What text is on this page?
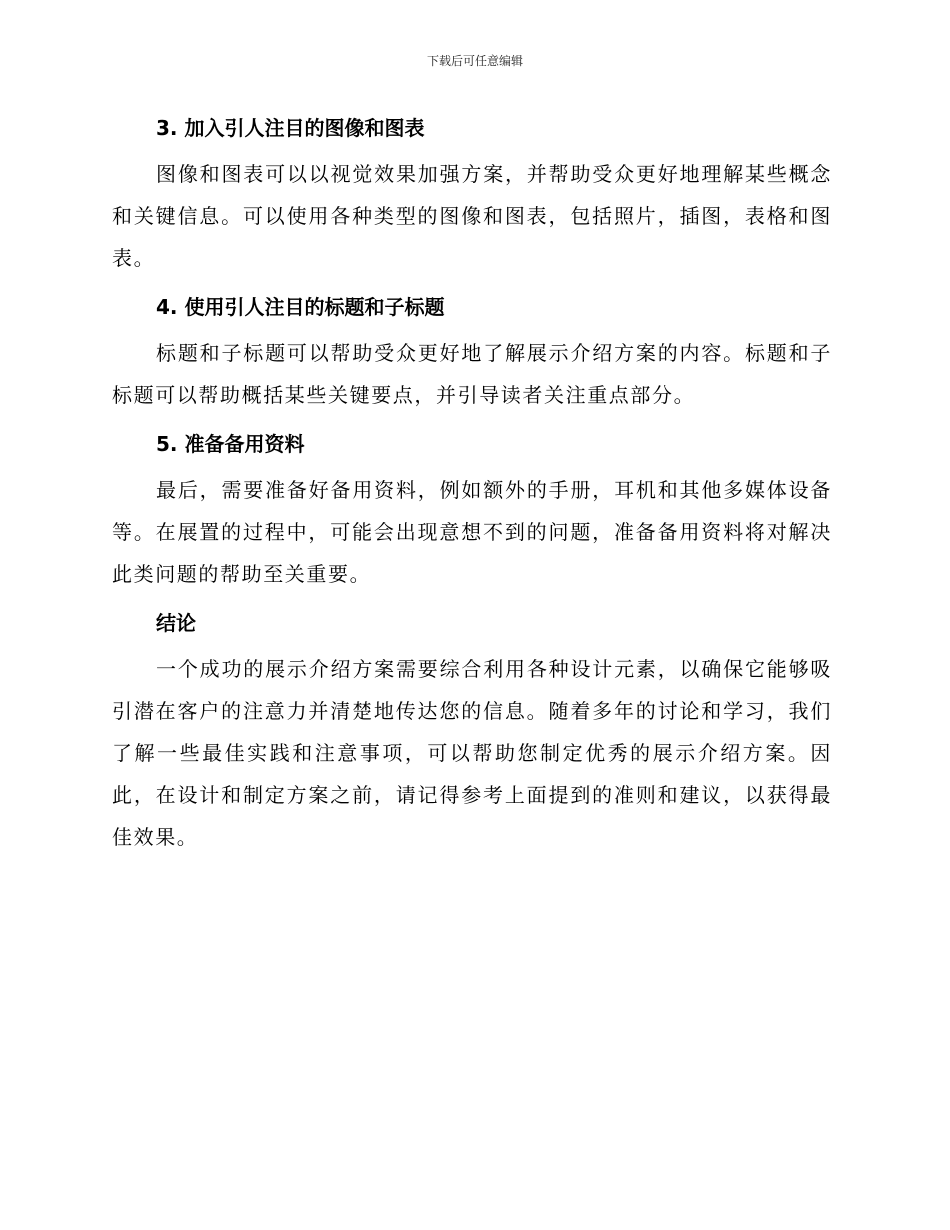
下载后可任意编辑
3. 加入引人注目的图像和图表

图像和图表可以以视觉效果加强方案，并帮助受众更好地理解某些概念和关键信息。可以使用各种类型的图像和图表，包括照片，插图，表格和图表。

4. 使用引人注目的标题和子标题

标题和子标题可以帮助受众更好地了解展示介绍方案的内容。标题和子标题可以帮助概括某些关键要点，并引导读者关注重点部分。

5. 准备备用资料

最后，需要准备好备用资料，例如额外的手册，耳机和其他多媒体设备等。在展置的过程中，可能会出现意想不到的问题，准备备用资料将对解决此类问题的帮助至关重要。

结论

一个成功的展示介绍方案需要综合利用各种设计元素，以确保它能够吸引潜在客户的注意力并清楚地传达您的信息。随着多年的讨论和学习，我们了解一些最佳实践和注意事项，可以帮助您制定优秀的展示介绍方案。因此，在设计和制定方案之前，请记得参考上面提到的准则和建议，以获得最佳效果。
